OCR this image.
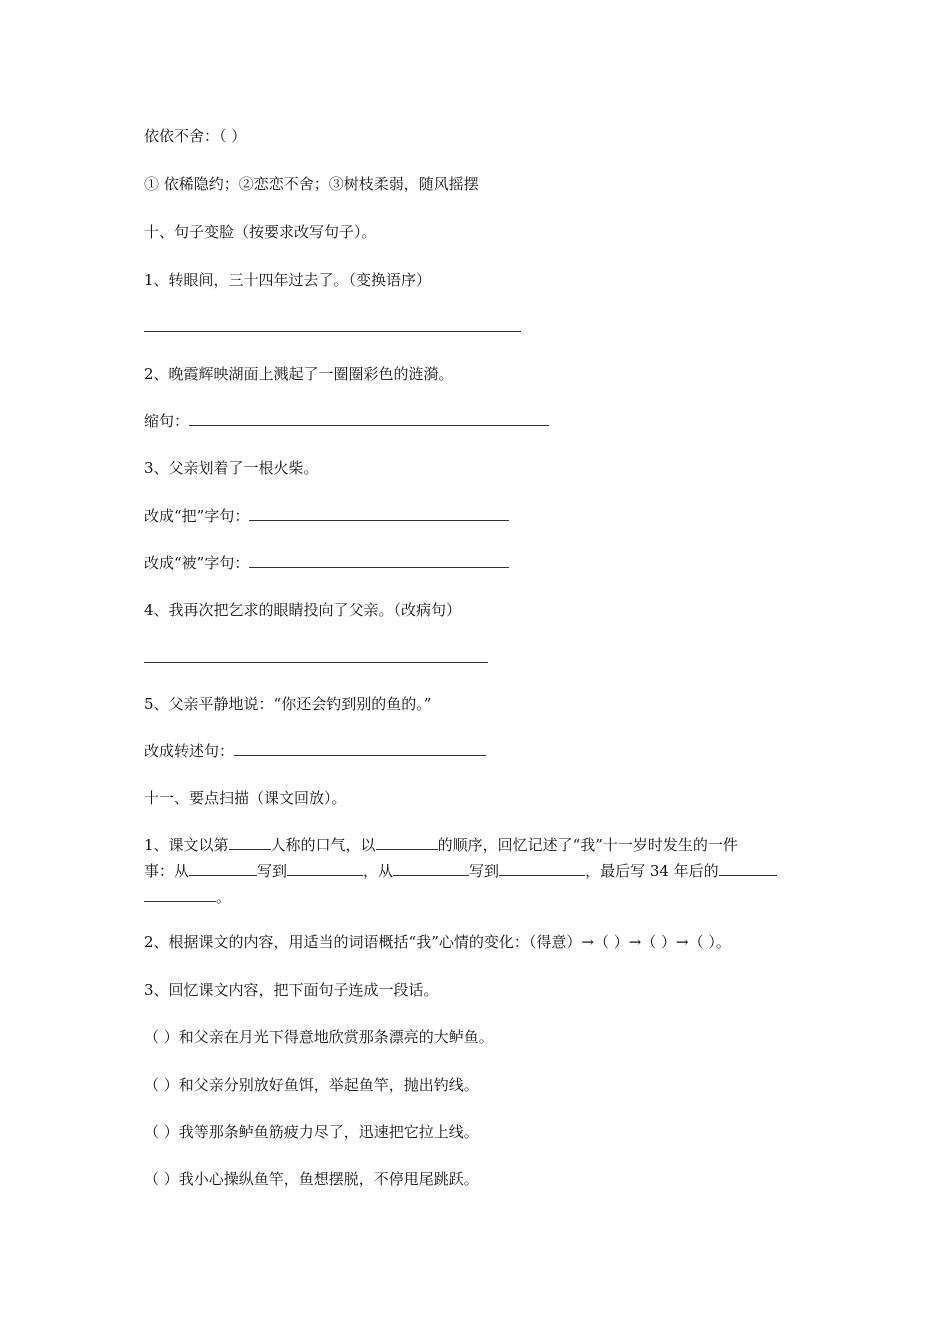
依依不舍：（ ）
① 依稀隐约；②恋恋不舍；③树枝柔弱，随风摇摆
十、句子变脸（按要求改写句子）。
1、转眼间，三十四年过去了。（变换语序）
2、晚霞辉映湖面上溅起了一圈圈彩色的涟漪。
缩句：
3、父亲划着了一根火柴。
改成“把”字句：
改成“被”字句：
4、我再次把乞求的眼睛投向了父亲。（改病句）
5、父亲平静地说：“你还会钓到别的鱼的。”
改成转述句：
十一、要点扫描（课文回放）。
1、课文以第	人称的口气，以	的顺序，回忆记述了“我”十一岁时发生的一件
事：从	写到	，从	写到	，最后写 34 年后的
。
2、根据课文的内容，用适当的词语概括“我”心情的变化：（得意）→（ ）→（ ）→（ ）。
3、回忆课文内容，把下面句子连成一段话。
（ ）和父亲在月光下得意地欣赏那条漂亮的大鲈鱼。
（ ）和父亲分别放好鱼饵，举起鱼竿，抛出钓线。
（ ）我等那条鲈鱼筋疲力尽了，迅速把它拉上线。
（ ）我小心操纵鱼竿，鱼想摆脱，不停甩尾跳跃。
